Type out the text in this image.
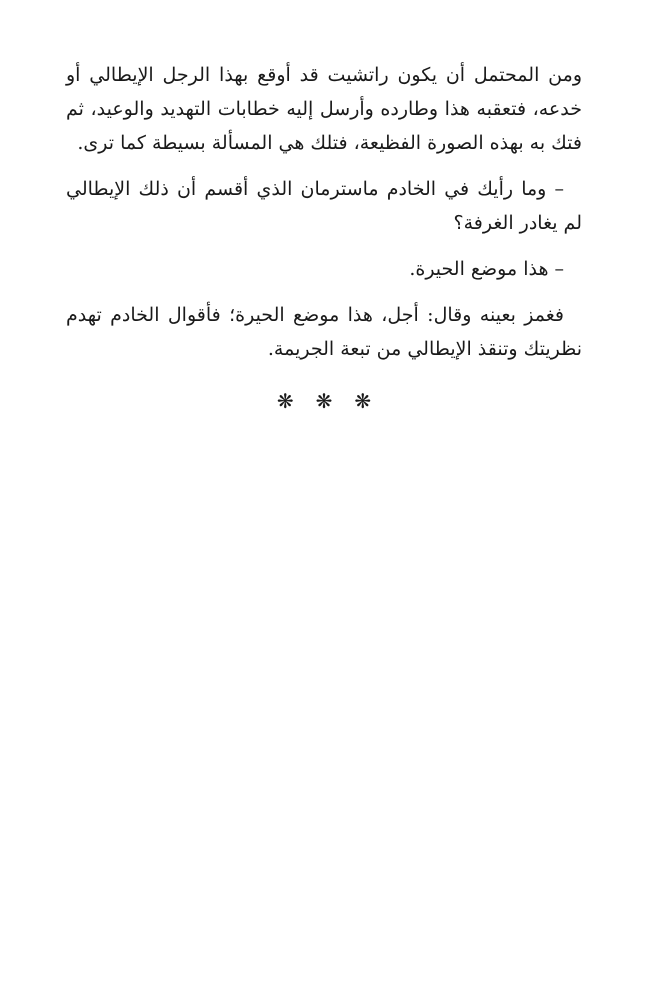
ومن المحتمل أن يكون راتشيت قد أوقع بهذا الرجل الإيطالي أو خدعه، فتعقبه هذا وطارده وأرسل إليه خطابات التهديد والوعيد، ثم فتك به بهذه الصورة الفظيعة، فتلك هي المسألة بسيطة كما ترى.

– وما رأيك في الخادم ماسترمان الذي أقسم أن ذلك الإيطالي لم يغادر الغرفة؟

– هذا موضع الحيرة.

فغمز بعينه وقال: أجل، هذا موضع الحيرة؛ فأقوال الخادم تهدم نظريتك وتنقذ الإيطالي من تبعة الجريمة.

❋❋❋
